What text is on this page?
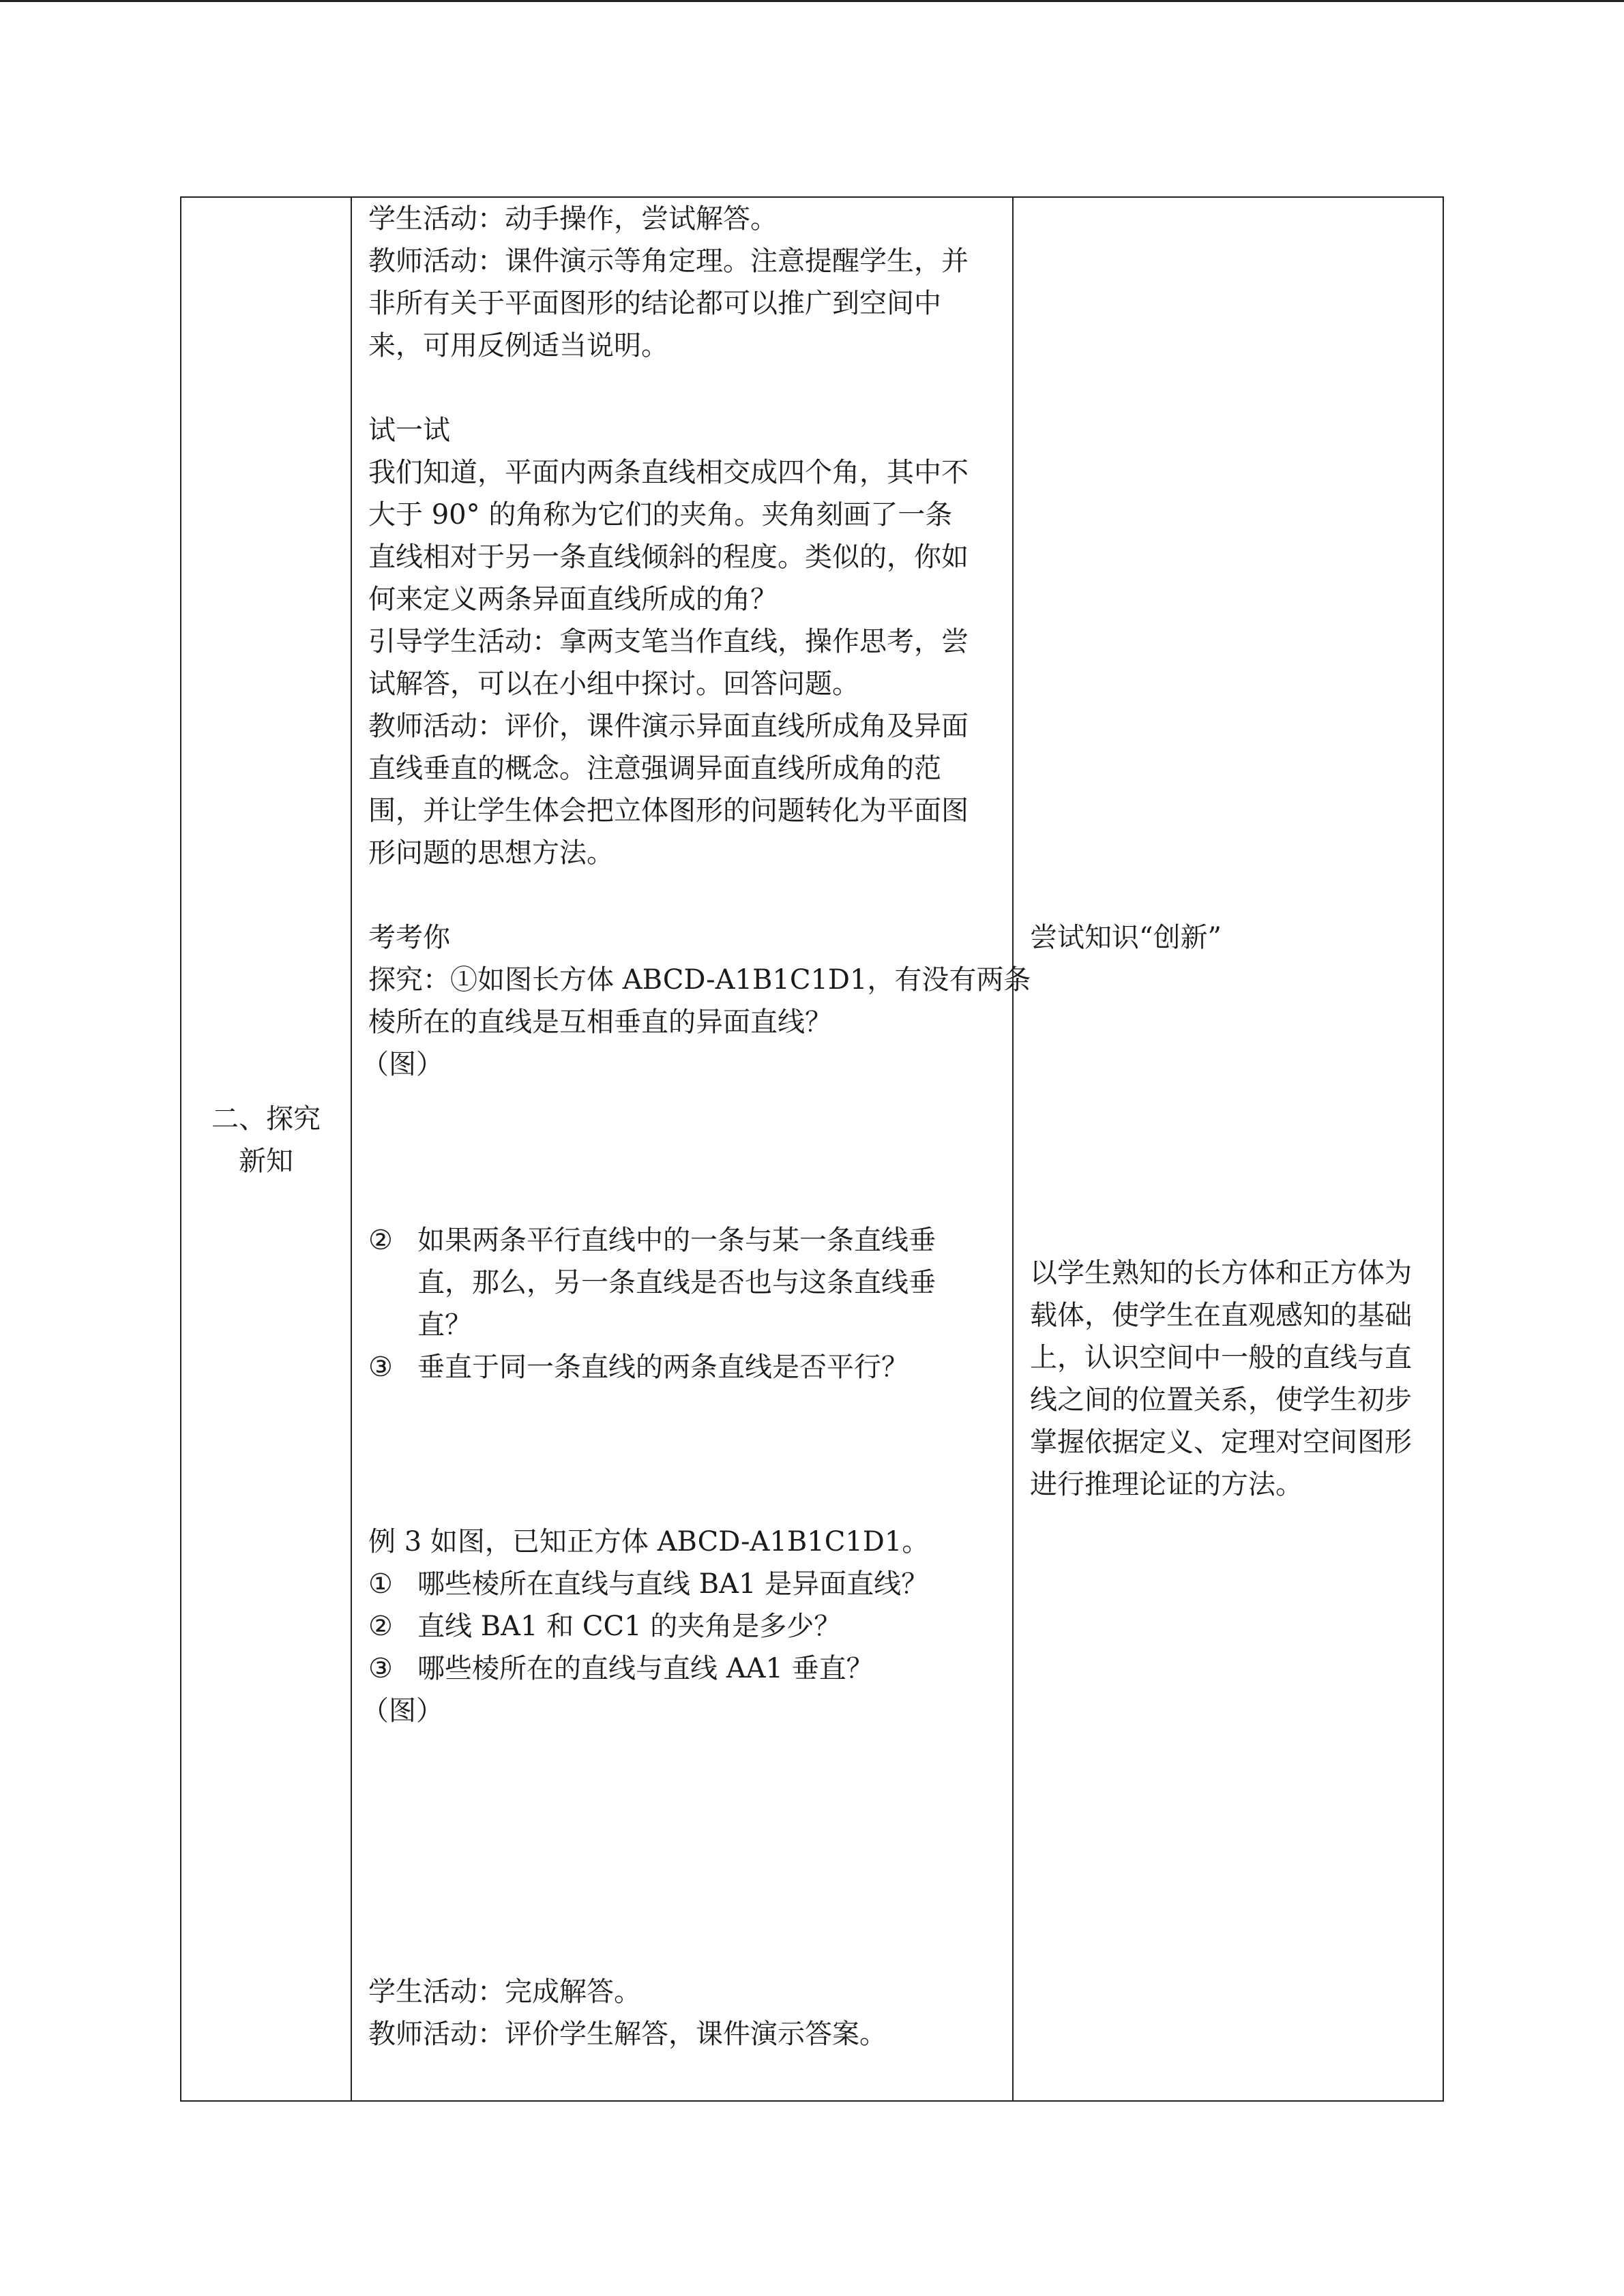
二、探究
新知
学生活动：动手操作，尝试解答。
教师活动：课件演示等角定理。注意提醒学生，并
非所有关于平面图形的结论都可以推广到空间中
来，可用反例适当说明。
试一试
我们知道，平面内两条直线相交成四个角，其中不
大于 90° 的角称为它们的夹角。夹角刻画了一条
直线相对于另一条直线倾斜的程度。类似的，你如
何来定义两条异面直线所成的角？
引导学生活动：拿两支笔当作直线，操作思考，尝
试解答，可以在小组中探讨。回答问题。
教师活动：评价，课件演示异面直线所成角及异面
直线垂直的概念。注意强调异面直线所成角的范
围，并让学生体会把立体图形的问题转化为平面图
形问题的思想方法。
考考你
探究：①如图长方体 ABCD-A1B1C1D1，有没有两条
棱所在的直线是互相垂直的异面直线？
（图）
② 如果两条平行直线中的一条与某一条直线垂
直，那么，另一条直线是否也与这条直线垂
直？
③ 垂直于同一条直线的两条直线是否平行？
例 3 如图，已知正方体 ABCD-A1B1C1D1。
① 哪些棱所在直线与直线 BA1 是异面直线？
② 直线 BA1 和 CC1 的夹角是多少？
③ 哪些棱所在的直线与直线 AA1 垂直？
（图）
学生活动：完成解答。
教师活动：评价学生解答，课件演示答案。
尝试知识“创新”
以学生熟知的长方体和正方体为
载体，使学生在直观感知的基础
上，认识空间中一般的直线与直
线之间的位置关系，使学生初步
掌握依据定义、定理对空间图形
进行推理论证的方法。
